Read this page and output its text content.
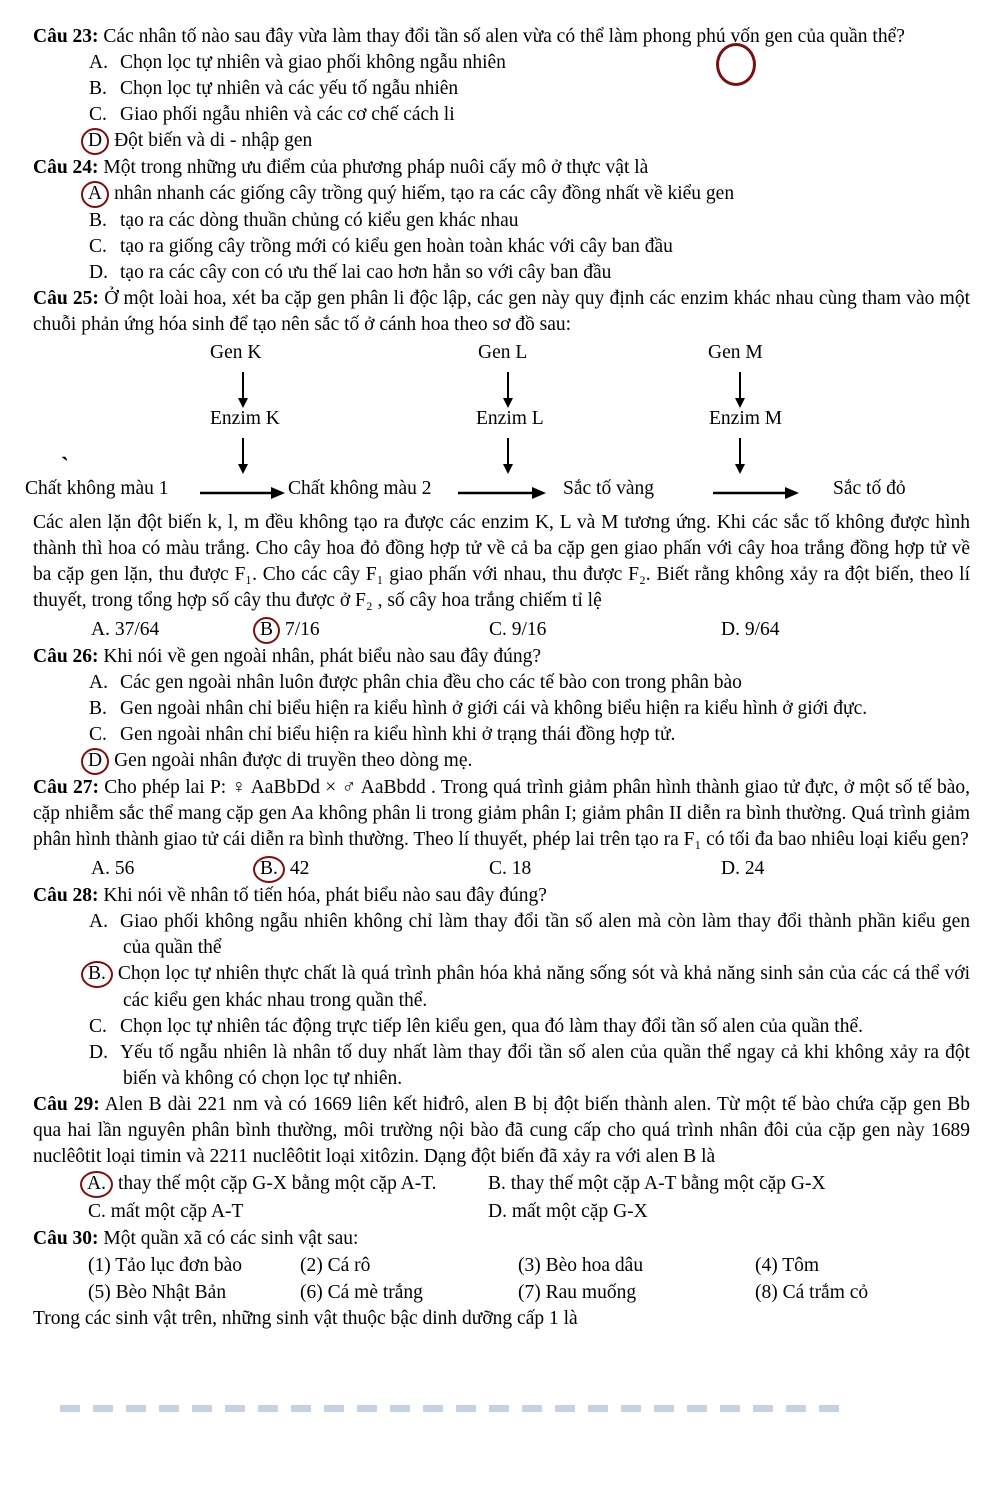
Câu 23: Các nhân tố nào sau đây vừa làm thay đổi tần số alen vừa có thể làm phong phú vốn gen của quần thể?
A. Chọn lọc tự nhiên và giao phối không ngẫu nhiên
B. Chọn lọc tự nhiên và các yếu tố ngẫu nhiên
C. Giao phối ngẫu nhiên và các cơ chế cách li
D Đột biến và di - nhập gen
Câu 24: Một trong những ưu điểm của phương pháp nuôi cấy mô ở thực vật là
A nhân nhanh các giống cây trồng quý hiếm, tạo ra các cây đồng nhất về kiểu gen
B. tạo ra các dòng thuần chủng có kiểu gen khác nhau
C. tạo ra giống cây trồng mới có kiểu gen hoàn toàn khác với cây ban đầu
D. tạo ra các cây con có ưu thế lai cao hơn hẳn so với cây ban đầu
Câu 25: Ở một loài hoa, xét ba cặp gen phân li độc lập, các gen này quy định các enzim khác nhau cùng tham vào một chuỗi phản ứng hóa sinh để tạo nên sắc tố ở cánh hoa theo sơ đồ sau:
Gen K	Gen L	Gen M
Enzim K	Enzim L	Enzim M
`
Chất không màu 1	Chất không màu 2	Sắc tố vàng	Sắc tố đỏ
Các alen lặn đột biến k, l, m đều không tạo ra được các enzim K, L và M tương ứng. Khi các sắc tố không được hình thành thì hoa có màu trắng. Cho cây hoa đỏ đồng hợp tử về cả ba cặp gen giao phấn với cây hoa trắng đồng hợp tử về ba cặp gen lặn, thu được F₁. Cho các cây F₁ giao phấn với nhau, thu được F₂. Biết rằng không xảy ra đột biến, theo lí thuyết, trong tổng hợp số cây thu được ở F₂ , số cây hoa trắng chiếm tỉ lệ
A. 37/64	B 7/16	C. 9/16	D. 9/64
Câu 26: Khi nói về gen ngoài nhân, phát biểu nào sau đây đúng?
A. Các gen ngoài nhân luôn được phân chia đều cho các tế bào con trong phân bào
B. Gen ngoài nhân chỉ biểu hiện ra kiểu hình ở giới cái và không biểu hiện ra kiểu hình ở giới đực.
C. Gen ngoài nhân chỉ biểu hiện ra kiểu hình khi ở trạng thái đồng hợp tử.
D Gen ngoài nhân được di truyền theo dòng mẹ.
Câu 27: Cho phép lai P: ♀ AaBbDd × ♂ AaBbdd . Trong quá trình giảm phân hình thành giao tử đực, ở một số tế bào, cặp nhiễm sắc thể mang cặp gen Aa không phân li trong giảm phân I; giảm phân II diễn ra bình thường. Quá trình giảm phân hình thành giao tử cái diễn ra bình thường. Theo lí thuyết, phép lai trên tạo ra F₁ có tối đa bao nhiêu loại kiểu gen?
A. 56	B. 42	C. 18	D. 24
Câu 28: Khi nói về nhân tố tiến hóa, phát biểu nào sau đây đúng?
A. Giao phối không ngẫu nhiên không chỉ làm thay đổi tần số alen mà còn làm thay đổi thành phần kiểu gen của quần thể
B. Chọn lọc tự nhiên thực chất là quá trình phân hóa khả năng sống sót và khả năng sinh sản của các cá thể với các kiểu gen khác nhau trong quần thể.
C. Chọn lọc tự nhiên tác động trực tiếp lên kiểu gen, qua đó làm thay đổi tần số alen của quần thể.
D. Yếu tố ngẫu nhiên là nhân tố duy nhất làm thay đổi tần số alen của quần thể ngay cả khi không xảy ra đột biến và không có chọn lọc tự nhiên.
Câu 29: Alen B dài 221 nm và có 1669 liên kết hiđrô, alen B bị đột biến thành alen. Từ một tế bào chứa cặp gen Bb qua hai lần nguyên phân bình thường, môi trường nội bào đã cung cấp cho quá trình nhân đôi của cặp gen này 1689 nuclêôtit loại timin và 2211 nuclêôtit loại xitôzin. Dạng đột biến đã xảy ra với alen B là
A. thay thế một cặp G-X bằng một cặp A-T.	B. thay thế một cặp A-T bằng một cặp G-X
C. mất một cặp A-T	D. mất một cặp G-X
Câu 30: Một quần xã có các sinh vật sau:
(1) Tảo lục đơn bào	(2) Cá rô	(3) Bèo hoa dâu	(4) Tôm
(5) Bèo Nhật Bản	(6) Cá mè trắng	(7) Rau muống	(8) Cá trắm cỏ
Trong các sinh vật trên, những sinh vật thuộc bậc dinh dưỡng cấp 1 là
